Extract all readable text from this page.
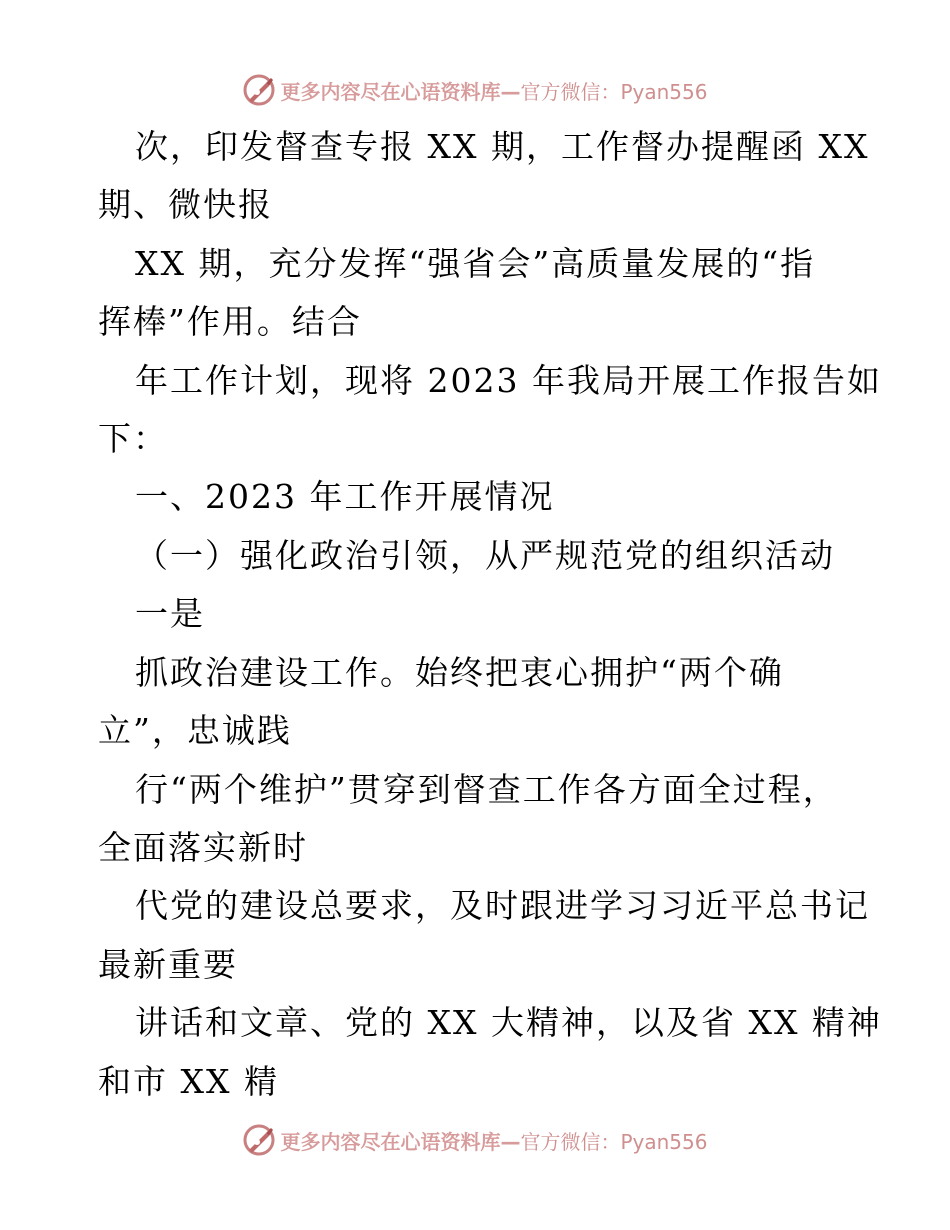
更多内容尽在心语资料库—官方微信：Pyan556
次，印发督查专报 XX 期，工作督办提醒函 XX
期、微快报
XX 期，充分发挥“强省会”高质量发展的“指
挥棒”作用。结合
年工作计划，现将 2023 年我局开展工作报告如
下：
一、2023 年工作开展情况
（一）强化政治引领，从严规范党的组织活动
一是
抓政治建设工作。始终把衷心拥护“两个确
立”，忠诚践
行“两个维护”贯穿到督查工作各方面全过程，
全面落实新时
代党的建设总要求，及时跟进学习习近平总书记
最新重要
讲话和文章、党的 XX 大精神，以及省 XX 精神
和市 XX 精
更多内容尽在心语资料库—官方微信：Pyan556
